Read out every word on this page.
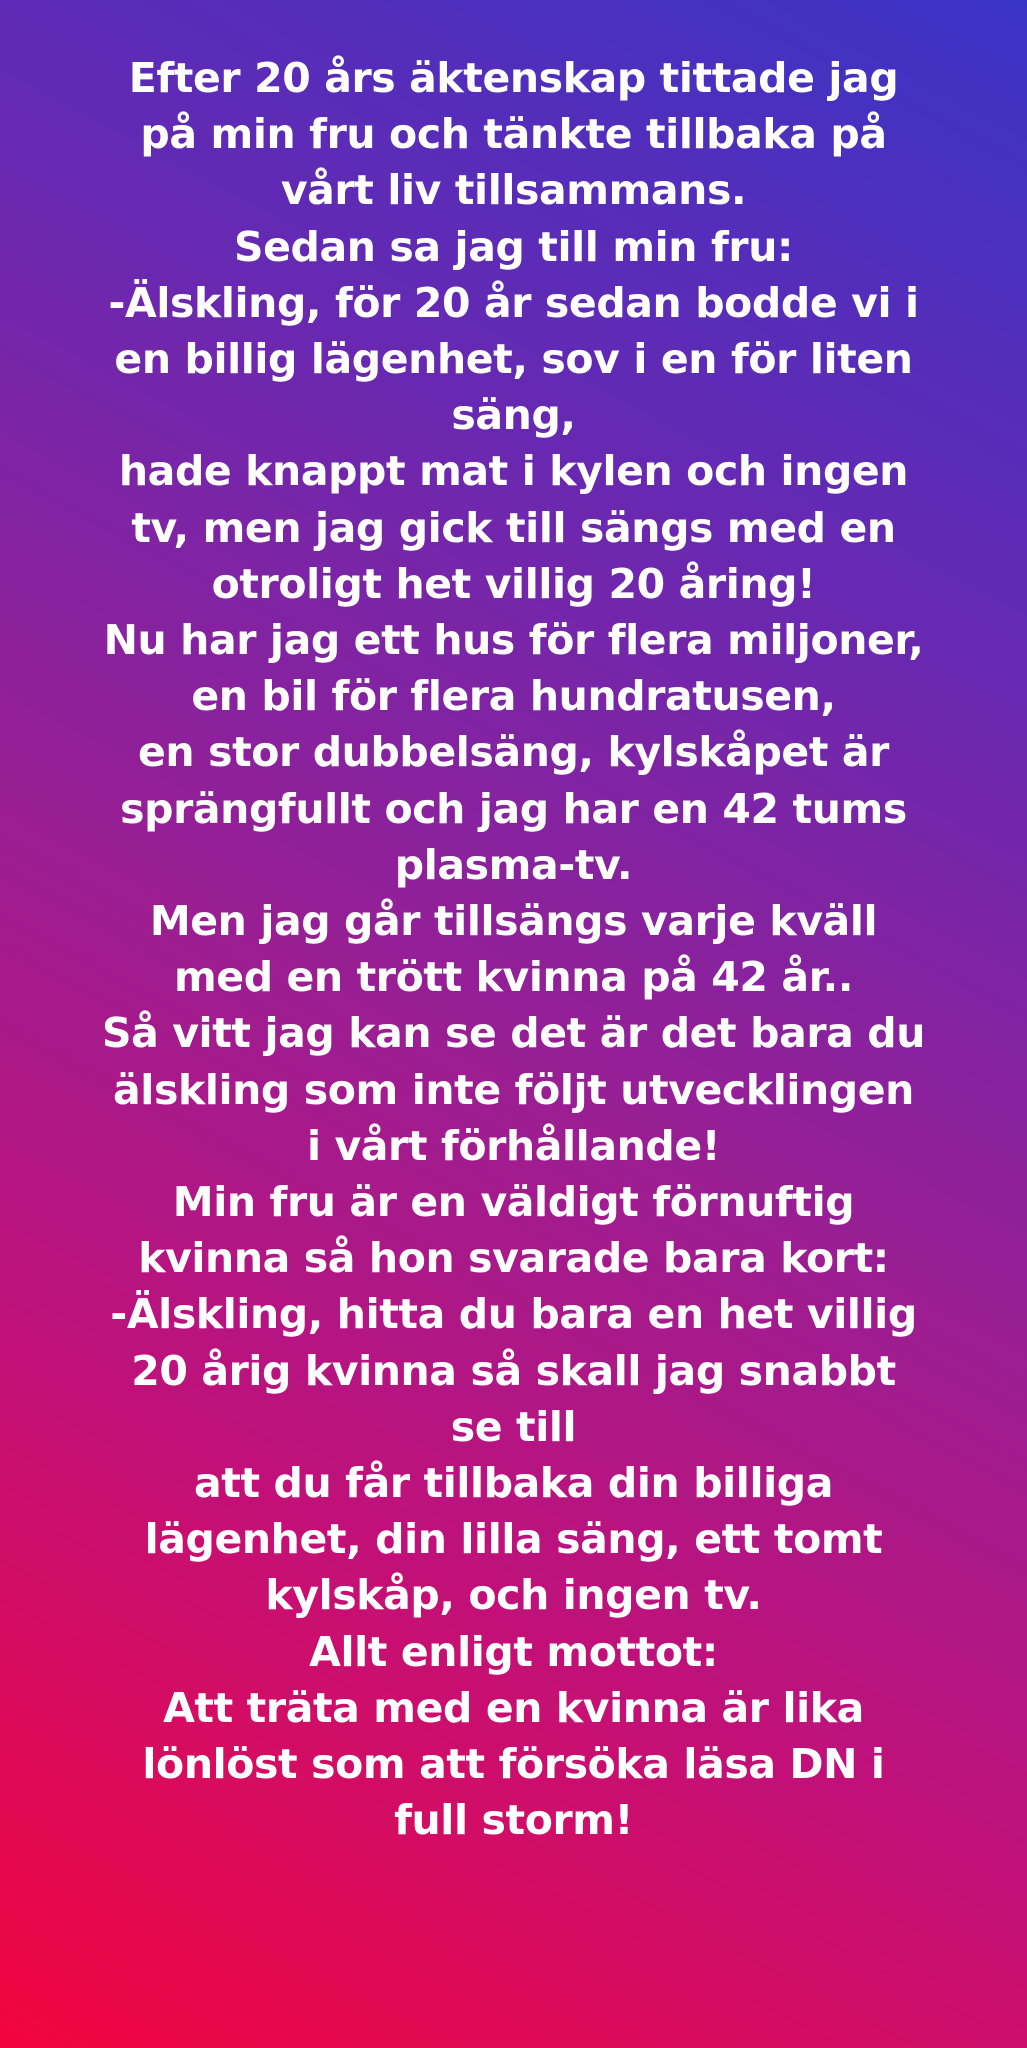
Efter 20 års äktenskap tittade jag
på min fru och tänkte tillbaka på
vårt liv tillsammans.
Sedan sa jag till min fru:
-Älskling, för 20 år sedan bodde vi i
en billig lägenhet, sov i en för liten
säng,
hade knappt mat i kylen och ingen
tv, men jag gick till sängs med en
otroligt het villig 20 åring!
Nu har jag ett hus för flera miljoner,
en bil för flera hundratusen,
en stor dubbelsäng, kylskåpet är
sprängfullt och jag har en 42 tums
plasma-tv.
Men jag går tillsängs varje kväll
med en trött kvinna på 42 år..
Så vitt jag kan se det är det bara du
älskling som inte följt utvecklingen
i vårt förhållande!
Min fru är en väldigt förnuftig
kvinna så hon svarade bara kort:
-Älskling, hitta du bara en het villig
20 årig kvinna så skall jag snabbt
se till
att du får tillbaka din billiga
lägenhet, din lilla säng, ett tomt
kylskåp, och ingen tv.
Allt enligt mottot:
Att träta med en kvinna är lika
lönlöst som att försöka läsa DN i
full storm!
